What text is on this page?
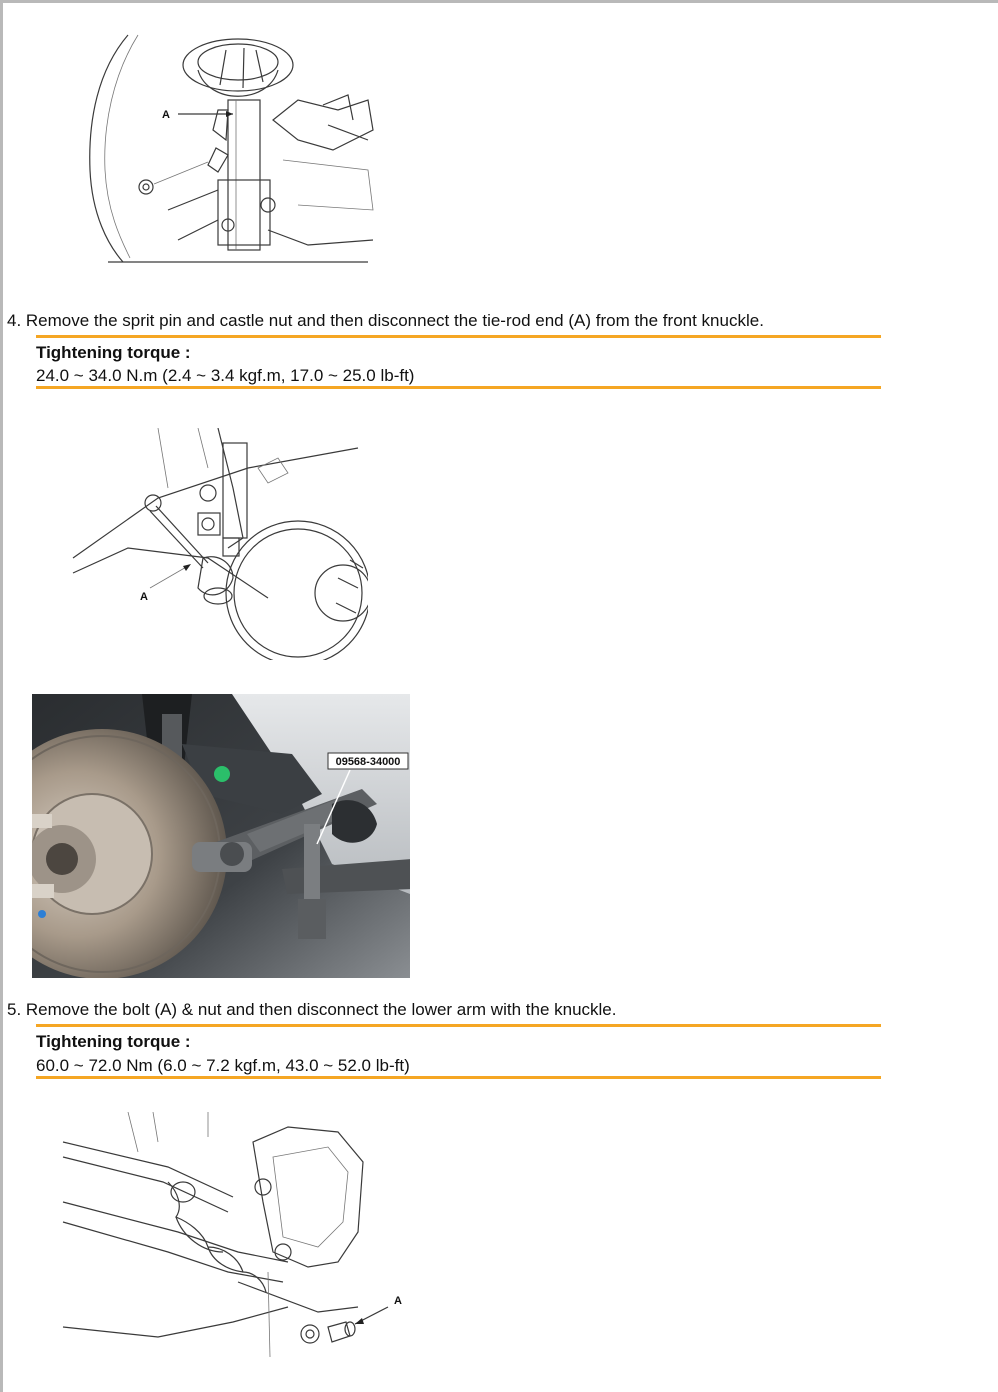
A
4. Remove the sprit pin and castle nut and then disconnect the tie-rod end (A) from the front knuckle.
Tightening torque :
24.0 ~ 34.0 N.m (2.4 ~ 3.4 kgf.m, 17.0 ~ 25.0 lb-ft)
A
09568-34000
5. Remove the bolt (A) & nut and then disconnect the lower arm with the knuckle.
Tightening torque :
60.0 ~ 72.0 Nm (6.0 ~ 7.2 kgf.m, 43.0 ~ 52.0 lb-ft)
A
